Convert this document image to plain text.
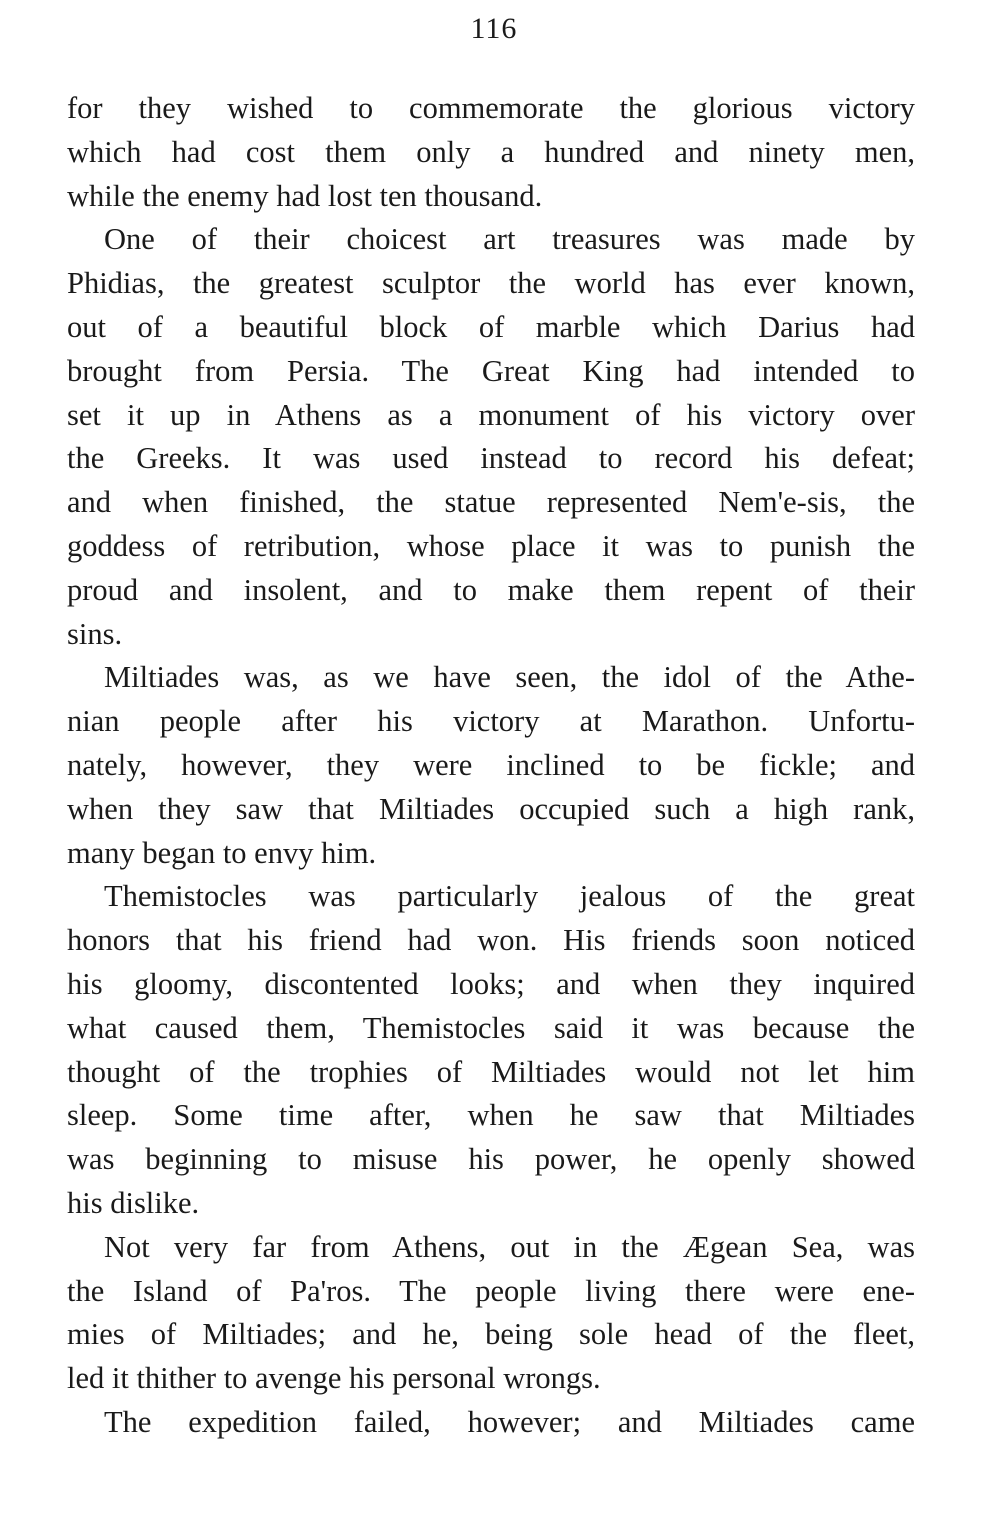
116

for they wished to commemorate the glorious victory
which had cost them only a hundred and ninety men,
while the enemy had lost ten thousand.

One of their choicest art treasures was made by
Phidias, the greatest sculptor the world has ever known,
out of a beautiful block of marble which Darius had
brought from Persia. The Great King had intended to
set it up in Athens as a monument of his victory over
the Greeks. It was used instead to record his defeat;
and when finished, the statue represented Nem'e-sis, the
goddess of retribution, whose place it was to punish the
proud and insolent, and to make them repent of their
sins.

Miltiades was, as we have seen, the idol of the Athe-
nian people after his victory at Marathon. Unfortu-
nately, however, they were inclined to be fickle; and
when they saw that Miltiades occupied such a high rank,
many began to envy him.

Themistocles was particularly jealous of the great
honors that his friend had won. His friends soon noticed
his gloomy, discontented looks; and when they inquired
what caused them, Themistocles said it was because the
thought of the trophies of Miltiades would not let him
sleep. Some time after, when he saw that Miltiades
was beginning to misuse his power, he openly showed
his dislike.

Not very far from Athens, out in the Ægean Sea, was
the Island of Pa'ros. The people living there were ene-
mies of Miltiades; and he, being sole head of the fleet,
led it thither to avenge his personal wrongs.

The expedition failed, however; and Miltiades came
